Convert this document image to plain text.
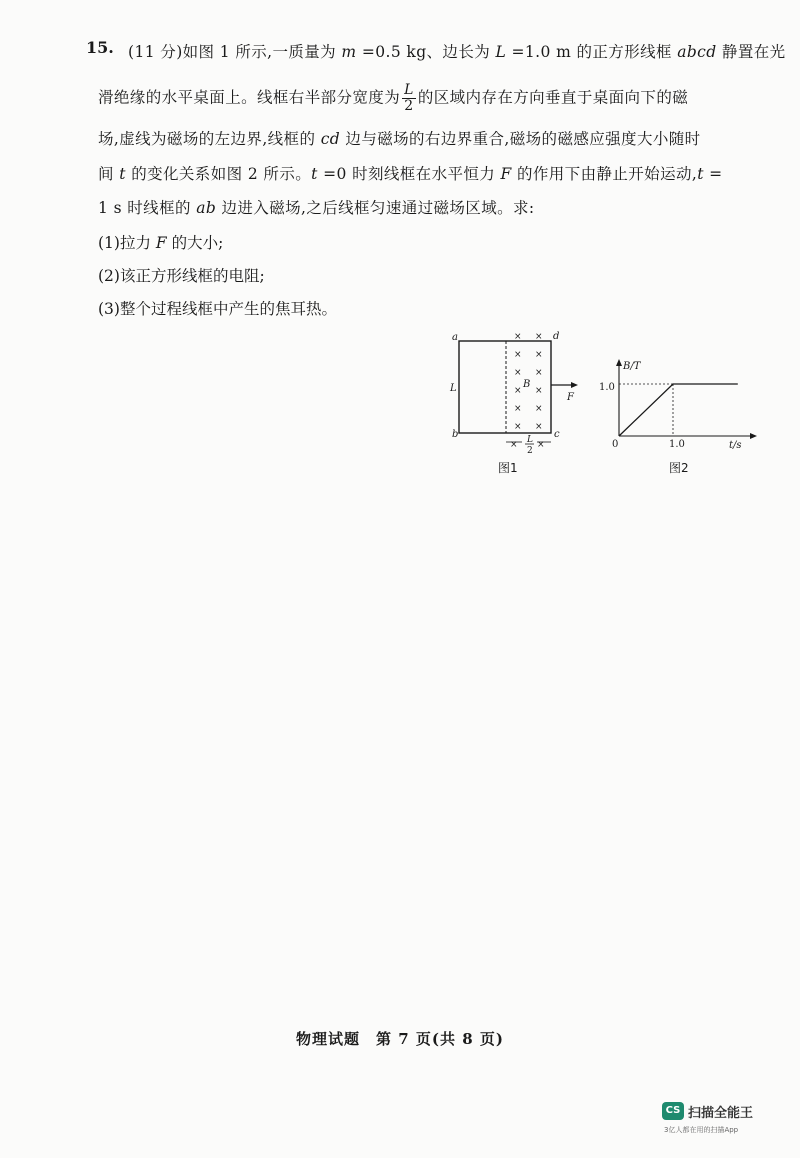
15. (11 分)如图 1 所示,一质量为 m =0.5 kg、边长为 L =1.0 m 的正方形线框 abcd 静置在光
滑绝缘的水平桌面上。线框右半部分宽度为 $\frac{L}{2}$ 的区域内存在方向垂直于桌面向下的磁
场,虚线为磁场的左边界,线框的 cd 边与磁场的右边界重合,磁场的磁感应强度大小随时
间 t 的变化关系如图 2 所示。t =0 时刻线框在水平恒力 F 的作用下由静止开始运动,t =
1 s 时线框的 ab 边进入磁场,之后线框匀速通过磁场区域。求:
(1)拉力 F 的大小;
(2)该正方形线框的电阻;
(3)整个过程线框中产生的焦耳热。
× ×
× ×
× ×
× ×
× ×
× ×
× ×
a	d
b	c
L	B
F
L
2
图1
B/T
t/s
0
1.0
1.0
图2
物理试题　第 7 页(共 8 页)
CS 扫描全能王
3亿人都在用的扫描App
